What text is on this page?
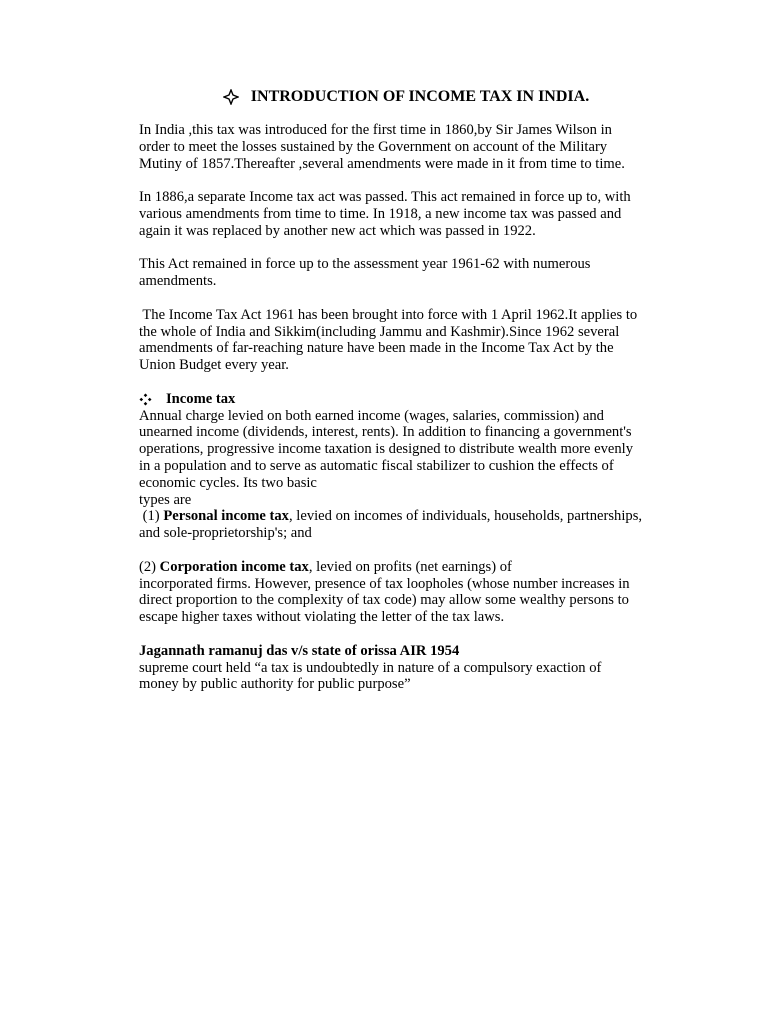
INTRODUCTION OF INCOME TAX IN INDIA.

In India ,this tax was introduced for the first time in 1860,by Sir James Wilson in
order to meet the losses sustained by the Government on account of the Military
Mutiny of 1857.Thereafter ,several amendments were made in it from time to time.

In 1886,a separate Income tax act was passed. This act remained in force up to, with
various amendments from time to time. In 1918, a new income tax was passed and
again it was replaced by another new act which was passed in 1922.

This Act remained in force up to the assessment year 1961-62 with numerous
amendments.

The Income Tax Act 1961 has been brought into force with 1 April 1962.It applies to
the whole of India and Sikkim(including Jammu and Kashmir).Since 1962 several
amendments of far-reaching nature have been made in the Income Tax Act by the
Union Budget every year.

Income tax

Annual charge levied on both earned income (wages, salaries, commission) and
unearned income (dividends, interest, rents). In addition to financing a government's
operations, progressive income taxation is designed to distribute wealth more evenly
in a population and to serve as automatic fiscal stabilizer to cushion the effects of
economic cycles. Its two basic
types are

(1) Personal income tax, levied on incomes of individuals, households, partnerships,
and sole-proprietorship's; and

(2) Corporation income tax, levied on profits (net earnings) of
incorporated firms. However, presence of tax loopholes (whose number increases in
direct proportion to the complexity of tax code) may allow some wealthy persons to
escape higher taxes without violating the letter of the tax laws.

Jagannath ramanuj das v/s state of orissa AIR 1954
supreme court held “a tax is undoubtedly in nature of a compulsory exaction of
money by public authority for public purpose”
